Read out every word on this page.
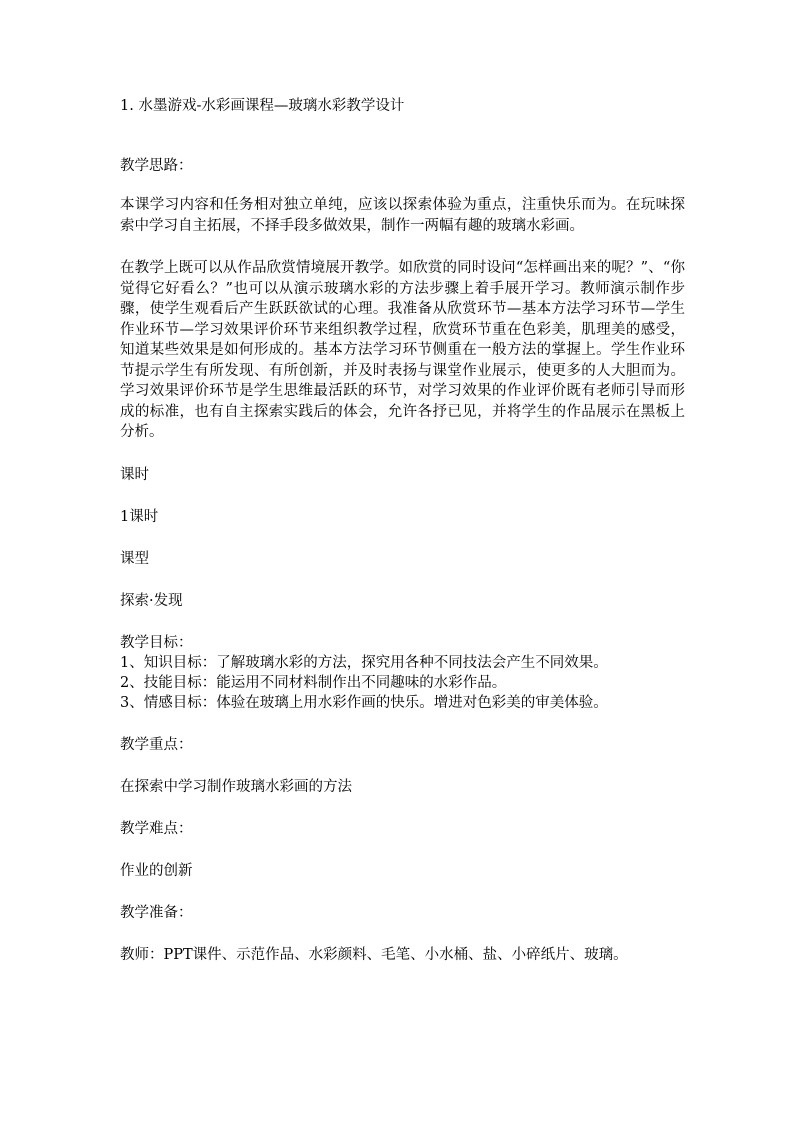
1. 水墨游戏-水彩画课程—玻璃水彩教学设计
教学思路：
本课学习内容和任务相对独立单纯，应该以探索体验为重点，注重快乐而为。在玩味探索中学习自主拓展，不择手段多做效果，制作一两幅有趣的玻璃水彩画。
在教学上既可以从作品欣赏情境展开教学。如欣赏的同时设问“怎样画出来的呢？”、“你觉得它好看么？”也可以从演示玻璃水彩的方法步骤上着手展开学习。教师演示制作步骤，使学生观看后产生跃跃欲试的心理。我准备从欣赏环节—基本方法学习环节—学生作业环节—学习效果评价环节来组织教学过程，欣赏环节重在色彩美，肌理美的感受，知道某些效果是如何形成的。基本方法学习环节侧重在一般方法的掌握上。学生作业环节提示学生有所发现、有所创新，并及时表扬与课堂作业展示，使更多的人大胆而为。学习效果评价环节是学生思维最活跃的环节，对学习效果的作业评价既有老师引导而形成的标准，也有自主探索实践后的体会，允许各抒已见，并将学生的作品展示在黑板上分析。
课时
1课时
课型
探索·发现
教学目标：
1、知识目标：了解玻璃水彩的方法，探究用各种不同技法会产生不同效果。
2、技能目标：能运用不同材料制作出不同趣味的水彩作品。
3、情感目标：体验在玻璃上用水彩作画的快乐。增进对色彩美的审美体验。
教学重点：
在探索中学习制作玻璃水彩画的方法
教学难点：
作业的创新
教学准备：
教师：PPT课件、示范作品、水彩颜料、毛笔、小水桶、盐、小碎纸片、玻璃。
